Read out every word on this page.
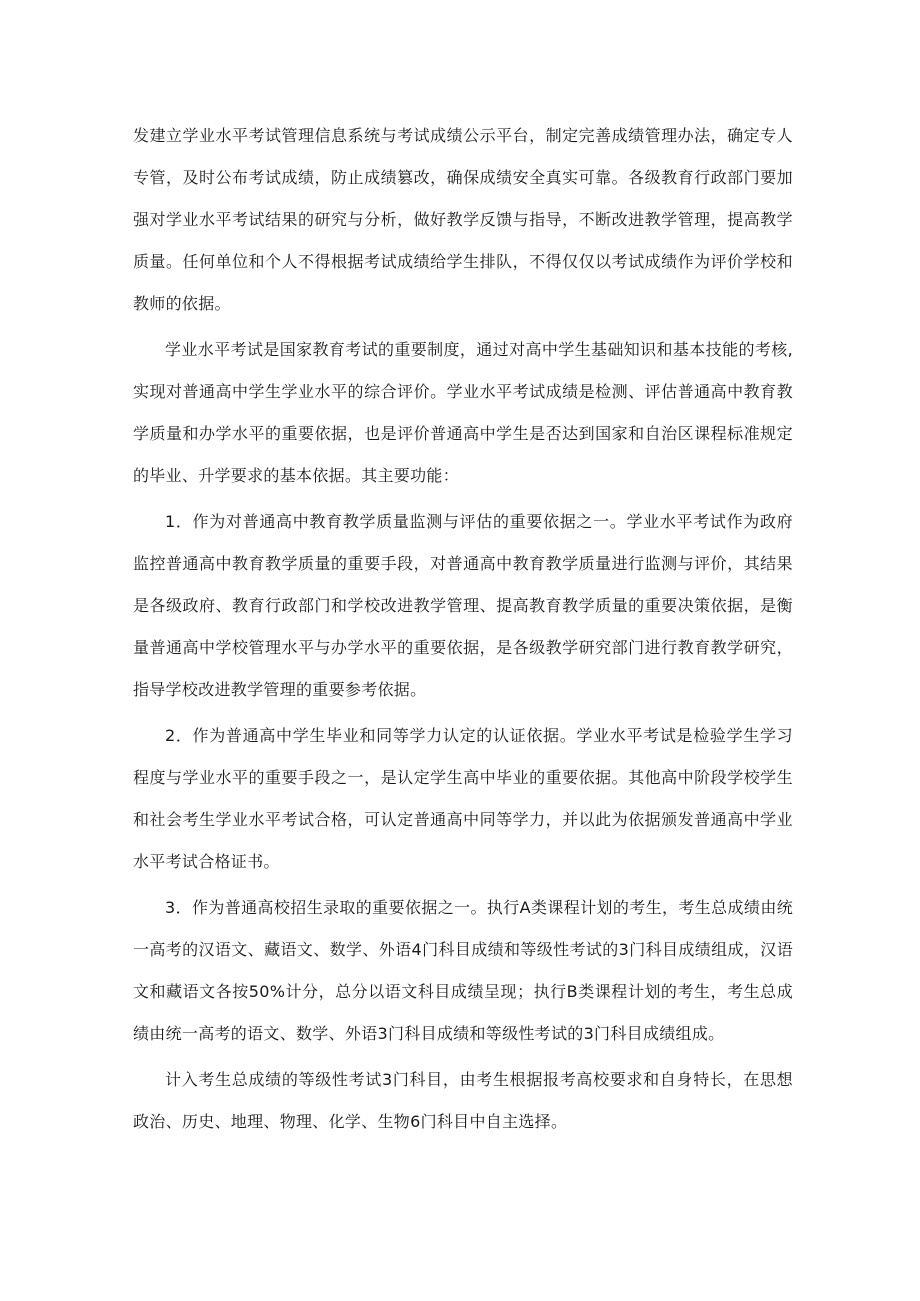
发建立学业水平考试管理信息系统与考试成绩公示平台，制定完善成绩管理办法，确定专人专管，及时公布考试成绩，防止成绩篡改，确保成绩安全真实可靠。各级教育行政部门要加强对学业水平考试结果的研究与分析，做好教学反馈与指导，不断改进教学管理，提高教学质量。任何单位和个人不得根据考试成绩给学生排队，不得仅仅以考试成绩作为评价学校和教师的依据。

学业水平考试是国家教育考试的重要制度，通过对高中学生基础知识和基本技能的考核,实现对普通高中学生学业水平的综合评价。学业水平考试成绩是检测、评估普通高中教育教学质量和办学水平的重要依据，也是评价普通高中学生是否达到国家和自治区课程标准规定的毕业、升学要求的基本依据。其主要功能：

1．作为对普通高中教育教学质量监测与评估的重要依据之一。学业水平考试作为政府监控普通高中教育教学质量的重要手段，对普通高中教育教学质量进行监测与评价，其结果是各级政府、教育行政部门和学校改进教学管理、提高教育教学质量的重要决策依据，是衡量普通高中学校管理水平与办学水平的重要依据，是各级教学研究部门进行教育教学研究，指导学校改进教学管理的重要参考依据。

2．作为普通高中学生毕业和同等学力认定的认证依据。学业水平考试是检验学生学习程度与学业水平的重要手段之一，是认定学生高中毕业的重要依据。其他高中阶段学校学生和社会考生学业水平考试合格，可认定普通高中同等学力，并以此为依据颁发普通高中学业水平考试合格证书。

3．作为普通高校招生录取的重要依据之一。执行A类课程计划的考生，考生总成绩由统一高考的汉语文、藏语文、数学、外语4门科目成绩和等级性考试的3门科目成绩组成，汉语文和藏语文各按50%计分，总分以语文科目成绩呈现；执行B类课程计划的考生，考生总成绩由统一高考的语文、数学、外语3门科目成绩和等级性考试的3门科目成绩组成。

计入考生总成绩的等级性考试3门科目，由考生根据报考高校要求和自身特长，在思想政治、历史、地理、物理、化学、生物6门科目中自主选择。
